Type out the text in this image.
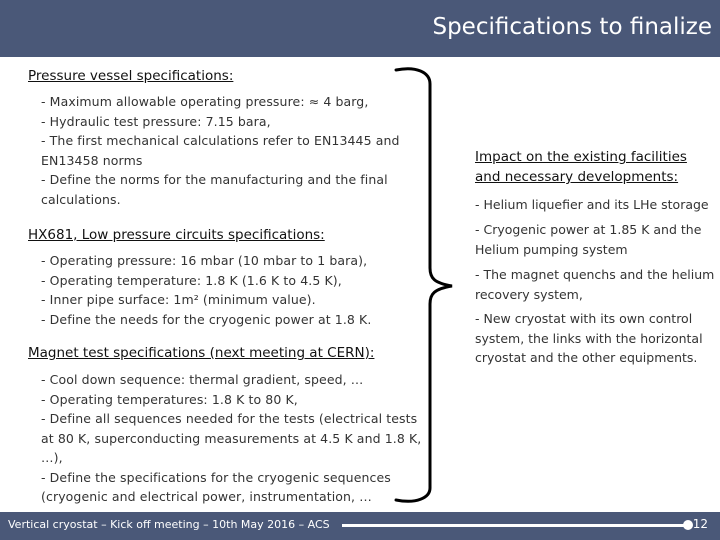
Specifications to finalize
Pressure vessel specifications:
- Maximum allowable operating pressure: ≈ 4 barg,
- Hydraulic test pressure: 7.15 bara,
- The first mechanical calculations refer to EN13445 and
EN13458 norms
- Define the norms for the manufacturing and the final
calculations.
HX681, Low pressure circuits specifications:
- Operating pressure: 16 mbar (10 mbar to 1 bara),
- Operating temperature: 1.8 K (1.6 K to 4.5 K),
- Inner pipe surface: 1m² (minimum value).
- Define the needs for the cryogenic power at 1.8 K.
Magnet test specifications (next meeting at CERN):
- Cool down sequence: thermal gradient, speed, …
- Operating temperatures: 1.8 K to 80 K,
- Define all sequences needed for the tests (electrical tests
at 80 K, superconducting measurements at 4.5 K and 1.8 K,
…),
- Define the specifications for the cryogenic sequences
(cryogenic and electrical power, instrumentation, …
Impact on the existing facilities and necessary developments:
- Helium liquefier and its LHe storage
- Cryogenic power at 1.85 K and the Helium pumping system
- The magnet quenchs and the helium recovery system,
- New cryostat with its own control system, the links with the horizontal cryostat and the other equipments.
Vertical cryostat – Kick off meeting – 10th May 2016 – ACS	12
